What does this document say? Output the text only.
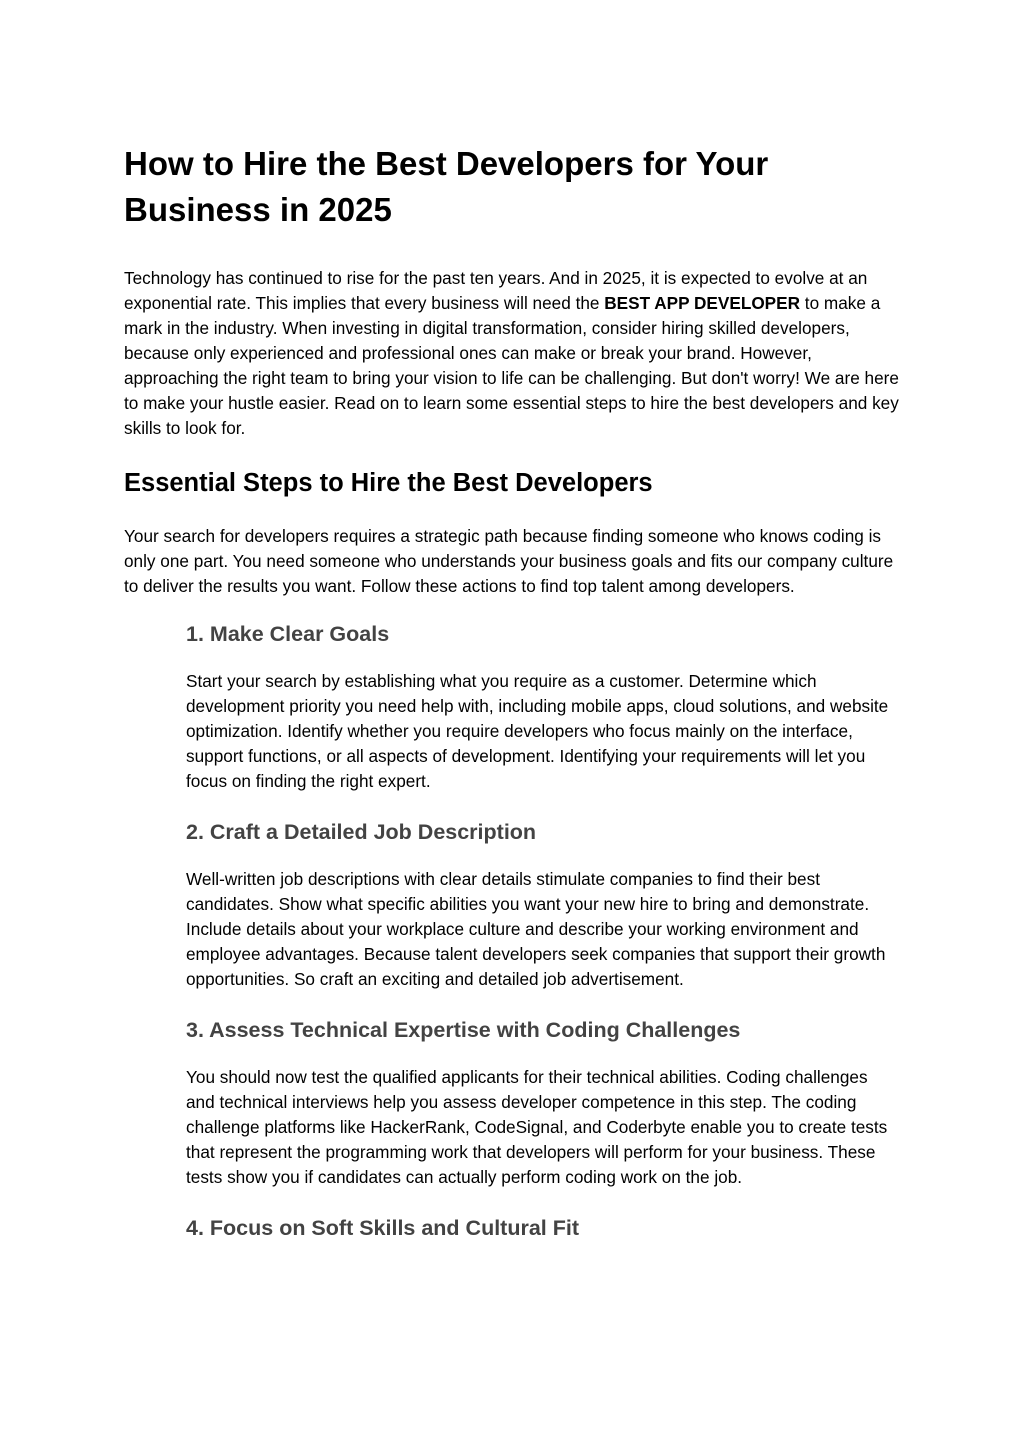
How to Hire the Best Developers for Your Business in 2025

Technology has continued to rise for the past ten years. And in 2025, it is expected to evolve at an exponential rate. This implies that every business will need the BEST APP DEVELOPER to make a mark in the industry. When investing in digital transformation, consider hiring skilled developers, because only experienced and professional ones can make or break your brand. However, approaching the right team to bring your vision to life can be challenging. But don't worry! We are here to make your hustle easier. Read on to learn some essential steps to hire the best developers and key skills to look for.

Essential Steps to Hire the Best Developers

Your search for developers requires a strategic path because finding someone who knows coding is only one part. You need someone who understands your business goals and fits our company culture to deliver the results you want. Follow these actions to find top talent among developers.

1. Make Clear Goals

Start your search by establishing what you require as a customer. Determine which development priority you need help with, including mobile apps, cloud solutions, and website optimization. Identify whether you require developers who focus mainly on the interface, support functions, or all aspects of development. Identifying your requirements will let you focus on finding the right expert.

2. Craft a Detailed Job Description

Well-written job descriptions with clear details stimulate companies to find their best candidates. Show what specific abilities you want your new hire to bring and demonstrate. Include details about your workplace culture and describe your working environment and employee advantages. Because talent developers seek companies that support their growth opportunities. So craft an exciting and detailed job advertisement.

3. Assess Technical Expertise with Coding Challenges

You should now test the qualified applicants for their technical abilities. Coding challenges and technical interviews help you assess developer competence in this step. The coding challenge platforms like HackerRank, CodeSignal, and Coderbyte enable you to create tests that represent the programming work that developers will perform for your business. These tests show you if candidates can actually perform coding work on the job.

4. Focus on Soft Skills and Cultural Fit
